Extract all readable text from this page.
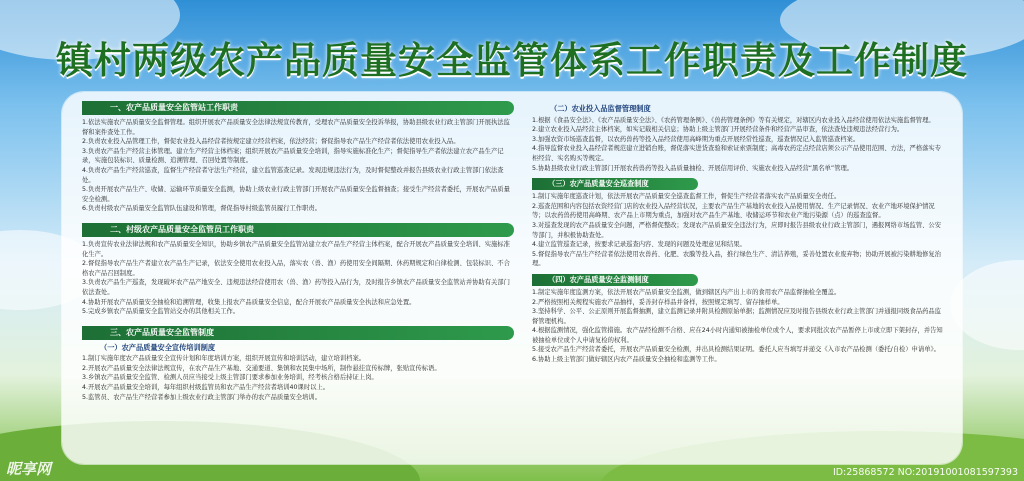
镇村两级农产品质量安全监管体系工作职责及工作制度
一、农产品质量安全监管站工作职责

1.依法实施农产品质量安全监督管理。组织开展农产品质量安全法律法规宣传教育，受理农产品质量安全投诉举报，协助县级农业行政主管部门开展执法监督和案件查处工作。

2.负责农业投入品管理工作，督促农业投入品经营者按规定建立经营档案，依法经营；督促指导农产品生产经营者依法使用农业投入品。

3.负责农产品生产经营主体管理。建立生产经营主体档案；组织开展农产品质量安全培训，指导实施标准化生产；督促指导生产者依法建立农产品生产记录，实施包装标识、质量检测、追溯管理、召回处置等制度。

4.负责农产品生产经营巡查，监督生产经营者守法生产经营，建立监管巡查记录。发现违规违法行为，及时督促整改并报告县级农业行政主管部门依法查处。

5.负责开展农产品生产、收储、运输环节质量安全监测，协助上级农业行政主管部门开展农产品质量安全监督抽查；接受生产经营者委托，开展农产品质量安全检测。

6.负责村级农产品质量安全监管队伍建设和管理，督促指导村级监管员履行工作职责。

二、村级农产品质量安全监管员工作职责

1.负责宣传农业法律法规和农产品质量安全知识，协助乡镇农产品质量安全监管站建立农产品生产经营主体档案，配合开展农产品质量安全培训、实施标准化生产。

2.督促指导农产品生产者建立农产品生产记录，依法安全使用农业投入品，落实农（兽、渔）药使用安全间隔期、休药期规定和自律检测、包装标识、不合格农产品召回制度。

3.负责农产品生产巡查，发现破坏农产品产地安全、违规违法经营使用农（兽、渔）药等投入品行为，及时报告乡镇农产品质量安全监管站并协助有关部门依法查处。

4.协助开展农产品质量安全抽检和追溯管理，收集上报农产品质量安全信息，配合开展农产品质量安全执法和应急处置。

5.完成乡镇农产品质量安全监管站交办的其他相关工作。

三、农产品质量安全监管制度
（一）农产品质量安全宣传培训制度

1.制订实施年度农产品质量安全宣传计划和年度培训方案，组织开展宣传和培训活动，建立培训档案。

2.开展农产品质量安全法律法规宣传，在农产品生产基地、交通要道、集镇和农民集中场所，制作悬挂宣传标牌，张贴宣传标语。

3.乡镇农产品质量安全监管、检测人员应当接受上级主管部门要求参加业务培训，经考核合格后持证上岗。

4.开展农产品质量安全培训，每年组织村级监管员和农产品生产经营者培训40课时以上。

5.监管员、农产品生产经营者参加上级农业行政主管部门举办的农产品质量安全培训。

（二）农业投入品监督管理制度

1.根据《食品安全法》、《农产品质量安全法》、《农药管理条例》、《兽药管理条例》等有关规定，对辖区内农业投入品经营使用依法实施监督管理。

2.建立农业投入品经营主体档案，如实记载相关信息；协助上级主管部门开展经营条件和经营产品审查，依法查处违规违法经营行为。

3.加强农资市场巡查监督，以农药兽药等投入品经营使用高峰期为重点开展经常性巡查，巡查情况记入监管巡查档案。

4.指导监督农业投入品经营者规范建立进销台账，督促落实进货查验和索证索票制度；高毒农药定点经营店须公示产品使用范围、方法，严格落实专柜经营、实名购买等规定。

5.协助县级农业行政主管部门开展农药兽药等投入品质量抽检、开展信用评价、实施农业投入品经营“黑名单”管理。

（三）农产品质量安全巡查制度

1.制订实施年度巡查计划，依法开展农产品质量安全巡查监督工作，督促生产经营者落实农产品质量安全责任。

2.巡查范围和内容包括农资经营门店的农业投入品经营状况，主要农产品生产基地的农业投入品使用情况、生产记录情况、农业产地环境保护情况等；以农药兽药使用高峰期、农产品上市期为重点，加强对农产品生产基地、收储运环节和农业产地污染源（点）的巡查监督。

3.对巡查发现的农产品质量安全问题，严格督促整改；发现农产品质量安全违法行为，应即时报告县级农业行政主管部门，遇报网络市场监管、公安等部门，并积极协助查处。

4.建立监管巡查记录，按要求记录巡查内容、发现的问题及处理意见和结果。

5.督促指导农产品生产经营者依法使用农兽药、化肥、农膜等投入品，推行绿色生产、清洁养殖，妥善处置农业废弃物；协助开展被污染耕地修复治理。

（四）农产品质量安全监测制度

1.制定实施年度监测方案，依法开展农产品质量安全监测，做到辖区内产出上市的食用农产品监督抽检全覆盖。

2.严格按照相关规程实施农产品抽样，妥善封存样品并备样，按照规定填写、留存抽样单。

3.坚持科学、公平、公正原则开展监督抽测，建立监测记录并附具检测原始单据；监测情况应及时报告县级农业行政主管部门并通报同级食品药品监督管理机构。

4.根据监测情况，强化监管措施。农产品经检测不合格、应在24小时内通知被抽检单位或个人，要求同批次农产品暂停上市或立即下架封存，并告知被抽检单位或个人申请复检的权利。

5.接受农产品生产经营者委托，开展农产品质量安全检测，并出具检测结果证明。委托人应当填写并递交《入市农产品检测（委托/自检）申请单》。

6.协助上级主管部门做好辖区内农产品质量安全抽检和监测等工作。

昵享网	ID:25868572 NO:20191001081597393
